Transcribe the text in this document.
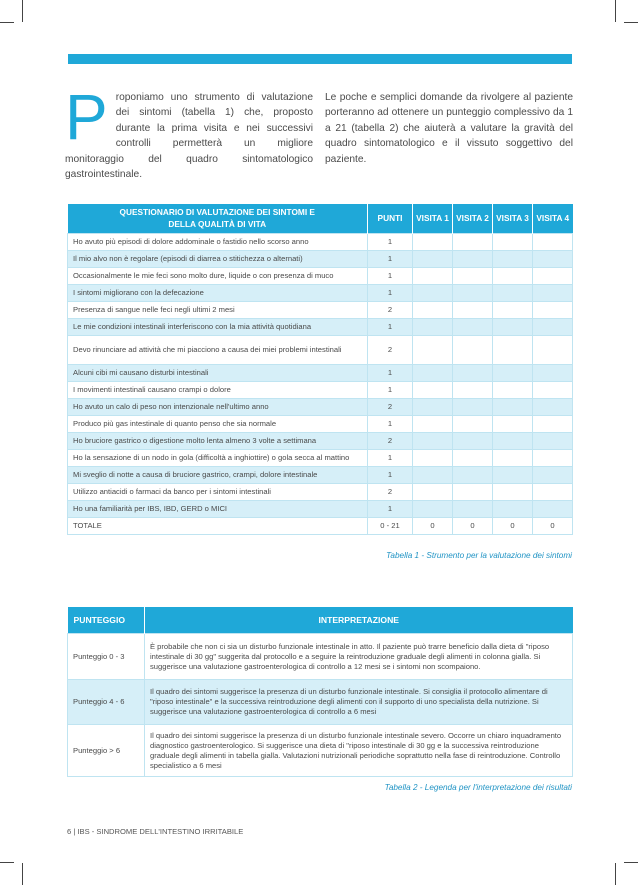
P roponiamo uno strumento di valutazione dei sintomi (tabella 1) che, proposto durante la prima visita e nei successivi controlli permetterà un migliore monitoraggio del quadro sintomatologico gastrointestinale.
Le poche e semplici domande da rivolgere al paziente porteranno ad ottenere un punteggio complessivo da 1 a 21 (tabella 2) che aiuterà a valutare la gravità del quadro sintomatologico e il vissuto soggettivo del paziente.
QUESTIONARIO DI VALUTAZIONE DEI SINTOMI E DELLA QUALITÀ DI VITA	PUNTI	VISITA 1	VISITA 2	VISITA 3	VISITA 4
Ho avuto più episodi di dolore addominale o fastidio nello scorso anno	1				
Il mio alvo non è regolare (episodi di diarrea o stitichezza o alternati)	1				
Occasionalmente le mie feci sono molto dure, liquide o con presenza di muco	1				
I sintomi migliorano con la defecazione	1				
Presenza di sangue nelle feci negli ultimi 2 mesi	2				
Le mie condizioni intestinali interferiscono con la mia attività quotidiana	1				
Devo rinunciare ad attività che mi piacciono a causa dei miei problemi intestinali	2				
Alcuni cibi mi causano disturbi intestinali	1				
I movimenti intestinali causano crampi o dolore	1				
Ho avuto un calo di peso non intenzionale nell'ultimo anno	2				
Produco più gas intestinale di quanto penso che sia normale	1				
Ho bruciore gastrico o digestione molto lenta almeno 3 volte a settimana	2				
Ho la sensazione di un nodo in gola (difficoltà a inghiottire) o gola secca al mattino	1				
Mi sveglio di notte a causa di bruciore gastrico, crampi, dolore intestinale	1				
Utilizzo antiacidi o farmaci da banco per i sintomi intestinali	2				
Ho una familiarità per IBS, IBD, GERD o MICI	1				
TOTALE	0 - 21	0	0	0	0
Tabella 1 - Strumento per la valutazione dei sintomi
PUNTEGGIO	INTERPRETAZIONE
Punteggio 0 - 3	È probabile che non ci sia un disturbo funzionale intestinale in atto. Il paziente può trarre beneficio dalla dieta di "riposo intestinale di 30 gg" suggerita dal protocollo e a seguire la reintroduzione graduale degli alimenti in colonna gialla. Si suggerisce una valutazione gastroenterologica di controllo a 12 mesi se i sintomi non scompaiono.
Punteggio 4 - 6	Il quadro dei sintomi suggerisce la presenza di un disturbo funzionale intestinale. Si consiglia il protocollo alimentare di "riposo intestinale" e la successiva reintroduzione degli alimenti con il supporto di uno specialista della nutrizione. Si suggerisce una valutazione gastroenterologica di controllo a 6 mesi
Punteggio > 6	Il quadro dei sintomi suggerisce la presenza di un disturbo funzionale intestinale severo. Occorre un chiaro inquadramento diagnostico gastroenterologico. Si suggerisce una dieta di "riposo intestinale di 30 gg e la successiva reintroduzione graduale degli alimenti in tabella gialla. Valutazioni nutrizionali periodiche soprattutto nella fase di reintroduzione. Controllo specialistico a 6 mesi
Tabella 2 - Legenda per l'interpretazione dei risultati
6 | IBS - SINDROME DELL'INTESTINO IRRITABILE
